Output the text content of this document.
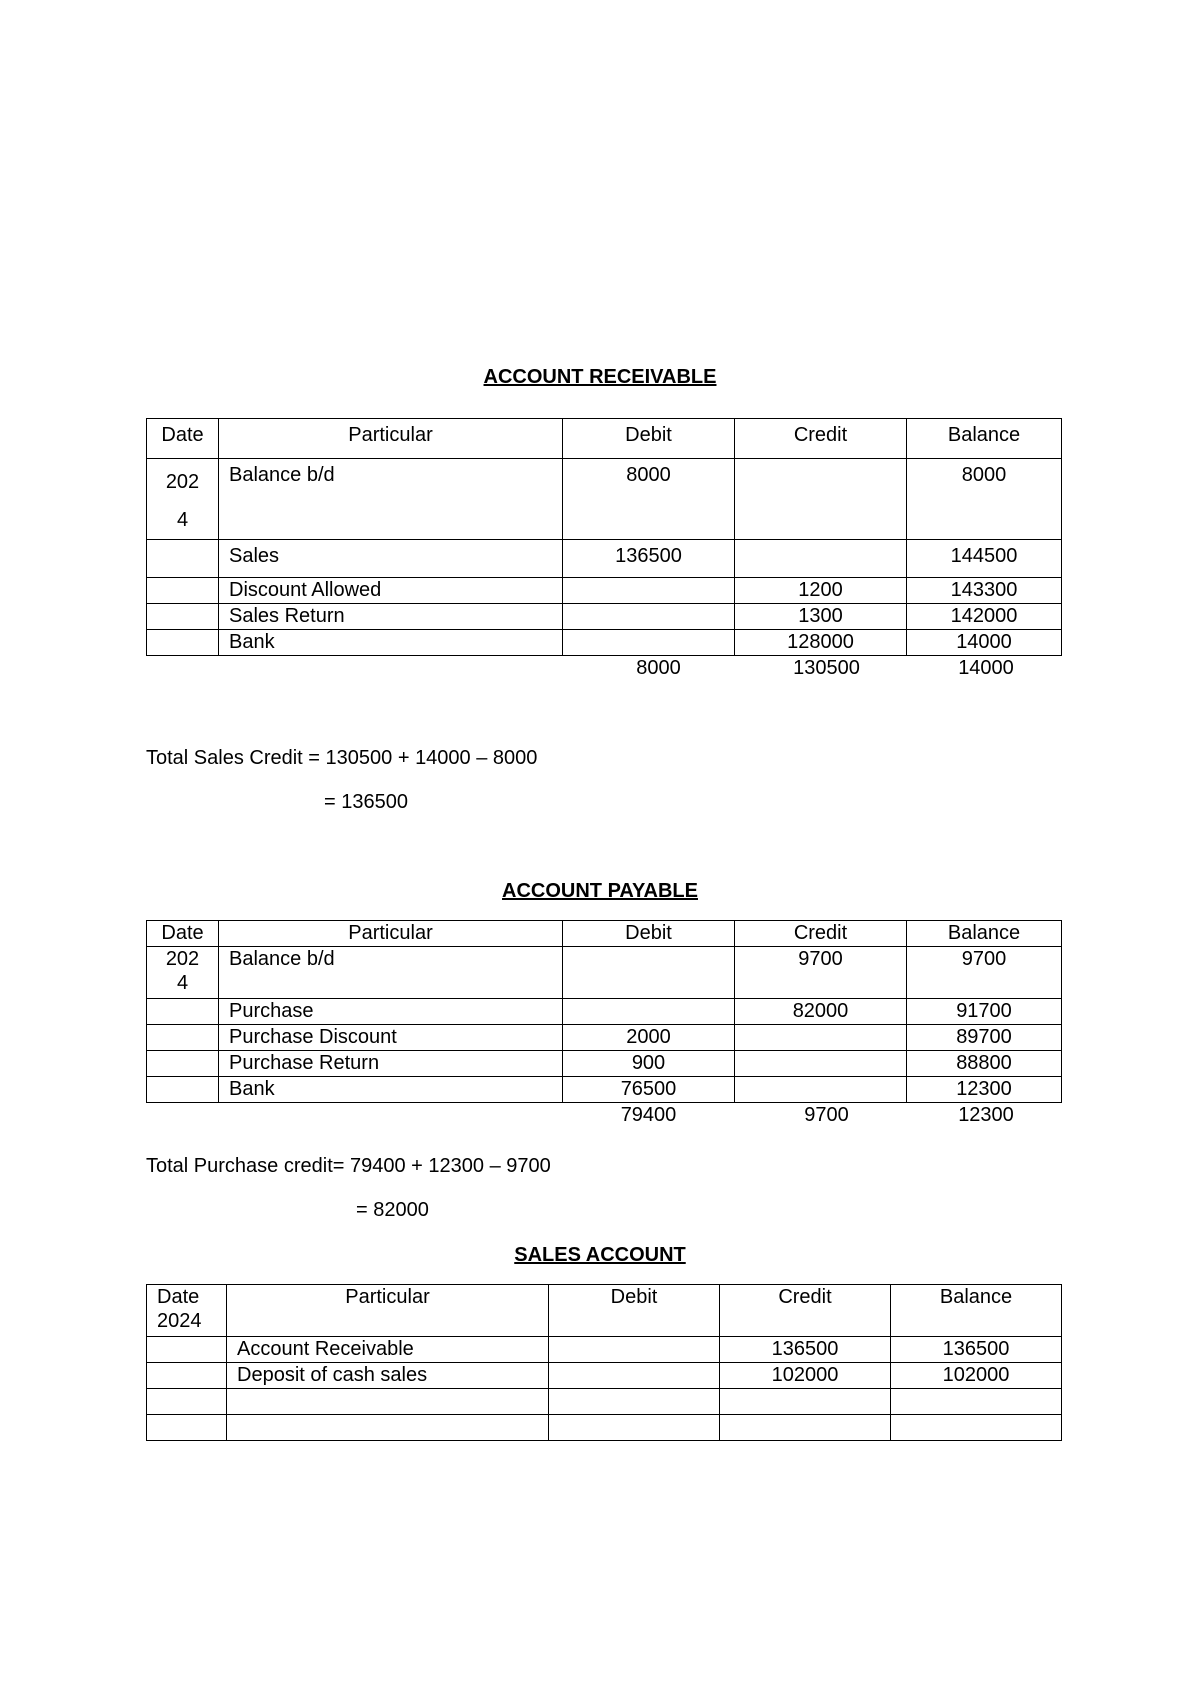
ACCOUNT RECEIVABLE
Date	Particular	Debit	Credit	Balance

202
4	Balance b/d	8000		8000
	Sales	136500		144500
	Discount Allowed		1200	143300
	Sales Return		1300	142000
	Bank		128000	14000
		8000	130500	14000
Total Sales Credit = 130500 + 14000 – 8000
= 136500
ACCOUNT PAYABLE
Date	Particular	Debit	Credit	Balance

202
4	Balance b/d		9700	9700
	Purchase		82000	91700
	Purchase Discount	2000		89700
	Purchase Return	900		88800
	Bank	76500		12300
		79400	9700	12300
Total Purchase credit= 79400 + 12300 – 9700
= 82000
SALES ACCOUNT
Date
2024	Particular	Debit	Credit	Balance
	Account Receivable		136500	136500
	Deposit of cash sales		102000	102000
